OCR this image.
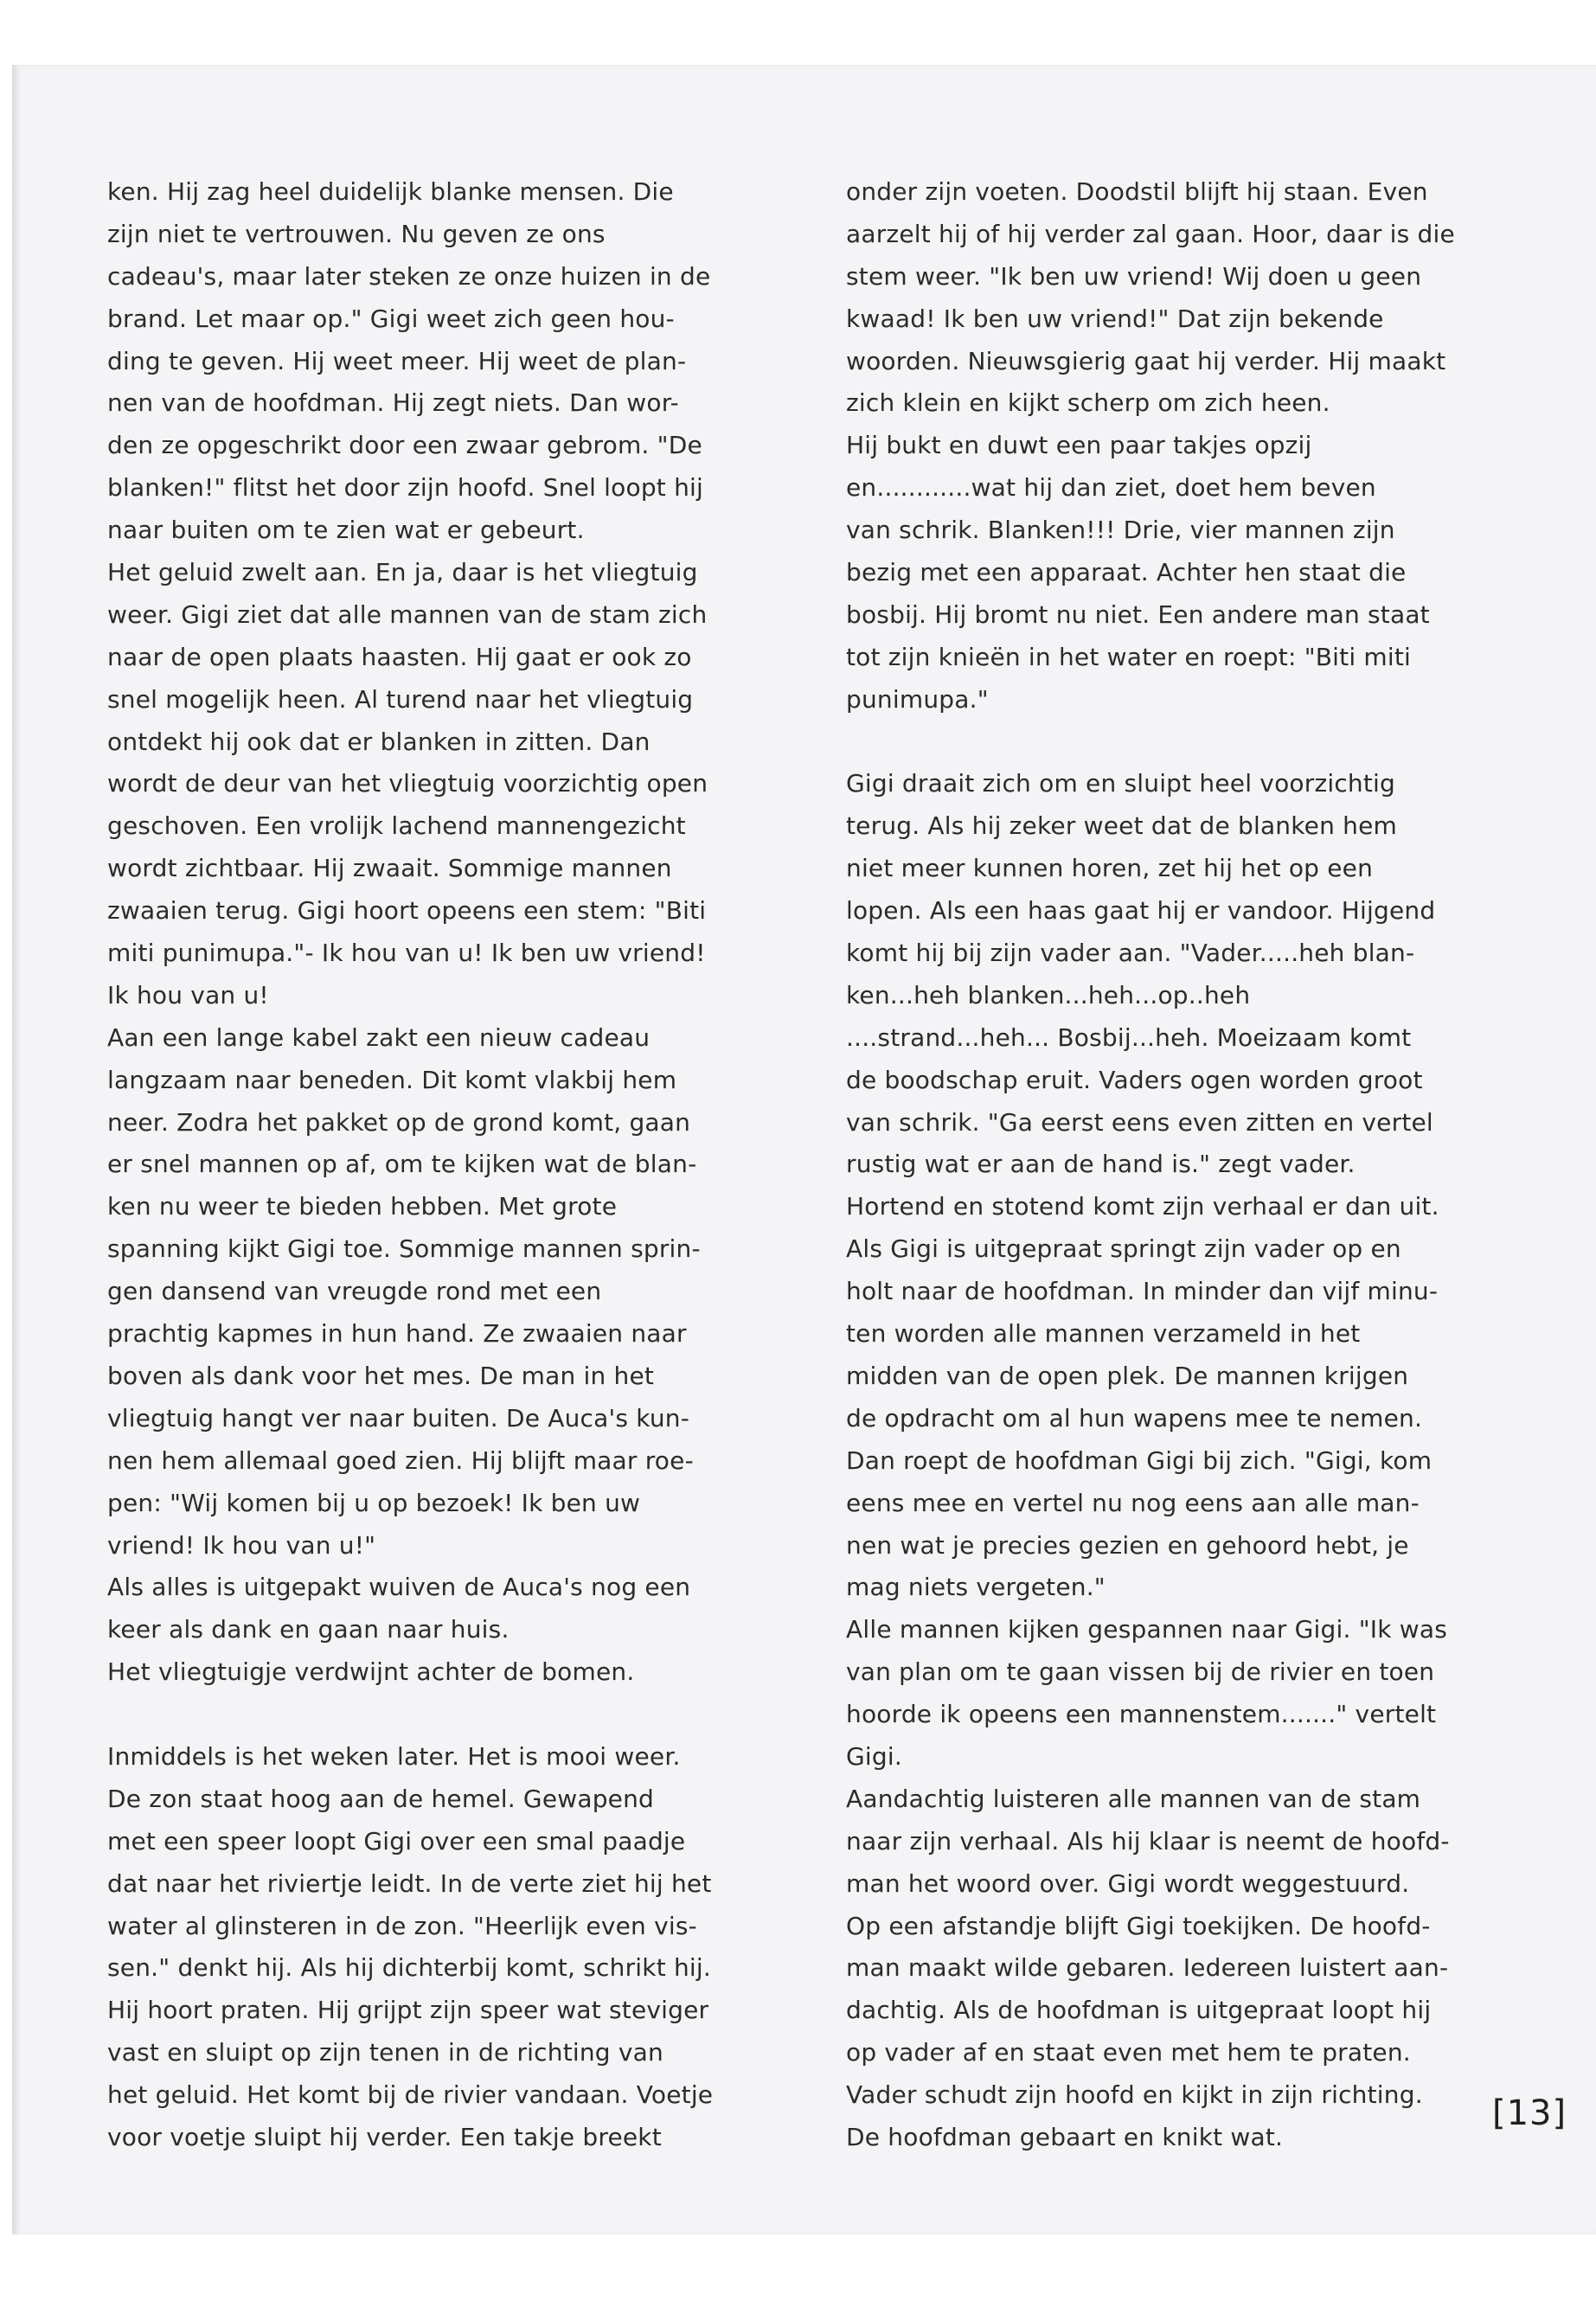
ken. Hij zag heel duidelijk blanke mensen. Die
zijn niet te vertrouwen. Nu geven ze ons
cadeau's, maar later steken ze onze huizen in de
brand. Let maar op." Gigi weet zich geen hou-
ding te geven. Hij weet meer. Hij weet de plan-
nen van de hoofdman. Hij zegt niets. Dan wor-
den ze opgeschrikt door een zwaar gebrom. "De
blanken!" flitst het door zijn hoofd. Snel loopt hij
naar buiten om te zien wat er gebeurt.
Het geluid zwelt aan. En ja, daar is het vliegtuig
weer. Gigi ziet dat alle mannen van de stam zich
naar de open plaats haasten. Hij gaat er ook zo
snel mogelijk heen. Al turend naar het vliegtuig
ontdekt hij ook dat er blanken in zitten. Dan
wordt de deur van het vliegtuig voorzichtig open
geschoven. Een vrolijk lachend mannengezicht
wordt zichtbaar. Hij zwaait. Sommige mannen
zwaaien terug. Gigi hoort opeens een stem: "Biti
miti punimupa."- Ik hou van u! Ik ben uw vriend!
Ik hou van u!
Aan een lange kabel zakt een nieuw cadeau
langzaam naar beneden. Dit komt vlakbij hem
neer. Zodra het pakket op de grond komt, gaan
er snel mannen op af, om te kijken wat de blan-
ken nu weer te bieden hebben. Met grote
spanning kijkt Gigi toe. Sommige mannen sprin-
gen dansend van vreugde rond met een
prachtig kapmes in hun hand. Ze zwaaien naar
boven als dank voor het mes. De man in het
vliegtuig hangt ver naar buiten. De Auca's kun-
nen hem allemaal goed zien. Hij blijft maar roe-
pen: "Wij komen bij u op bezoek! Ik ben uw
vriend! Ik hou van u!"
Als alles is uitgepakt wuiven de Auca's nog een
keer als dank en gaan naar huis.
Het vliegtuigje verdwijnt achter de bomen.
Inmiddels is het weken later. Het is mooi weer.
De zon staat hoog aan de hemel. Gewapend
met een speer loopt Gigi over een smal paadje
dat naar het riviertje leidt. In de verte ziet hij het
water al glinsteren in de zon. "Heerlijk even vis-
sen." denkt hij. Als hij dichterbij komt, schrikt hij.
Hij hoort praten. Hij grijpt zijn speer wat steviger
vast en sluipt op zijn tenen in de richting van
het geluid. Het komt bij de rivier vandaan. Voetje
voor voetje sluipt hij verder. Een takje breekt
onder zijn voeten. Doodstil blijft hij staan. Even
aarzelt hij of hij verder zal gaan. Hoor, daar is die
stem weer. "Ik ben uw vriend! Wij doen u geen
kwaad! Ik ben uw vriend!" Dat zijn bekende
woorden. Nieuwsgierig gaat hij verder. Hij maakt
zich klein en kijkt scherp om zich heen.
Hij bukt en duwt een paar takjes opzij
en............wat hij dan ziet, doet hem beven
van schrik. Blanken!!! Drie, vier mannen zijn
bezig met een apparaat. Achter hen staat die
bosbij. Hij bromt nu niet. Een andere man staat
tot zijn knieën in het water en roept: "Biti miti
punimupa."
Gigi draait zich om en sluipt heel voorzichtig
terug. Als hij zeker weet dat de blanken hem
niet meer kunnen horen, zet hij het op een
lopen. Als een haas gaat hij er vandoor. Hijgend
komt hij bij zijn vader aan. "Vader.....heh blan-
ken...heh blanken...heh...op..heh
....strand...heh... Bosbij...heh. Moeizaam komt
de boodschap eruit. Vaders ogen worden groot
van schrik. "Ga eerst eens even zitten en vertel
rustig wat er aan de hand is." zegt vader.
Hortend en stotend komt zijn verhaal er dan uit.
Als Gigi is uitgepraat springt zijn vader op en
holt naar de hoofdman. In minder dan vijf minu-
ten worden alle mannen verzameld in het
midden van de open plek. De mannen krijgen
de opdracht om al hun wapens mee te nemen.
Dan roept de hoofdman Gigi bij zich. "Gigi, kom
eens mee en vertel nu nog eens aan alle man-
nen wat je precies gezien en gehoord hebt, je
mag niets vergeten."
Alle mannen kijken gespannen naar Gigi. "Ik was
van plan om te gaan vissen bij de rivier en toen
hoorde ik opeens een mannenstem......." vertelt
Gigi.
Aandachtig luisteren alle mannen van de stam
naar zijn verhaal. Als hij klaar is neemt de hoofd-
man het woord over. Gigi wordt weggestuurd.
Op een afstandje blijft Gigi toekijken. De hoofd-
man maakt wilde gebaren. Iedereen luistert aan-
dachtig. Als de hoofdman is uitgepraat loopt hij
op vader af en staat even met hem te praten.
Vader schudt zijn hoofd en kijkt in zijn richting.
De hoofdman gebaart en knikt wat.
[13]
